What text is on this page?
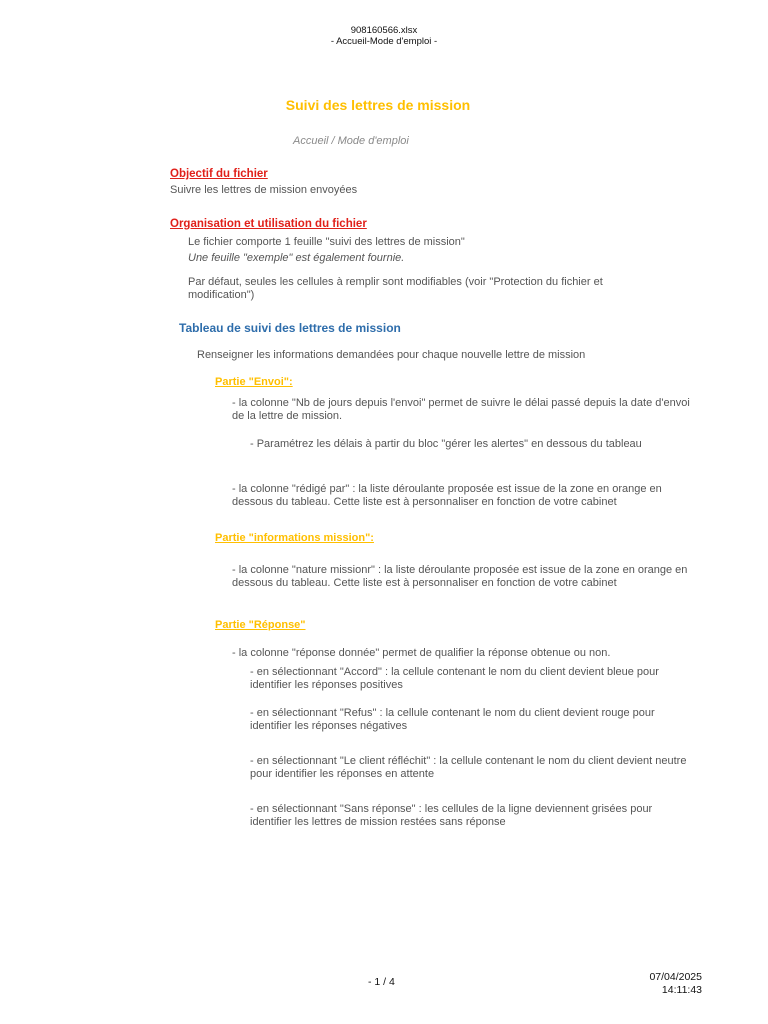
908160566.xlsx
- Accueil-Mode d'emploi -
Suivi des lettres de mission
Accueil / Mode d'emploi
Objectif du fichier
Suivre les lettres de mission envoyées
Organisation et utilisation du fichier
Le fichier comporte 1 feuille "suivi des lettres de mission"
Une feuille "exemple" est également fournie.
Par défaut, seules les cellules à remplir sont modifiables (voir "Protection du fichier et modification")
Tableau de suivi des lettres de mission
Renseigner les informations demandées pour chaque nouvelle lettre de mission
Partie "Envoi":
- la colonne "Nb de jours depuis l'envoi" permet de suivre le délai passé depuis la date d'envoi de la lettre de mission.
- Paramétrez les délais à partir du bloc "gérer les alertes" en dessous du tableau
- la colonne "rédigé par" : la liste déroulante proposée est issue de la zone en orange en dessous du tableau. Cette liste est à personnaliser en fonction de votre cabinet
Partie "informations mission":
- la colonne "nature missionr" : la liste déroulante proposée est issue de la zone en orange en dessous du tableau. Cette liste est à personnaliser en fonction de votre cabinet
Partie "Réponse"
- la colonne "réponse donnée" permet de qualifier la réponse obtenue ou non.
- en sélectionnant "Accord" : la cellule contenant le nom du client devient bleue pour identifier les réponses positives
- en sélectionnant "Refus" : la cellule contenant le nom du client devient rouge pour identifier les réponses négatives
- en sélectionnant "Le client réfléchit" : la cellule contenant le nom du client devient neutre pour identifier les réponses en attente
- en sélectionnant "Sans réponse" : les cellules de la ligne deviennent grisées pour identifier les lettres de mission restées sans réponse
- 1 / 4	07/04/2025
14:11:43
